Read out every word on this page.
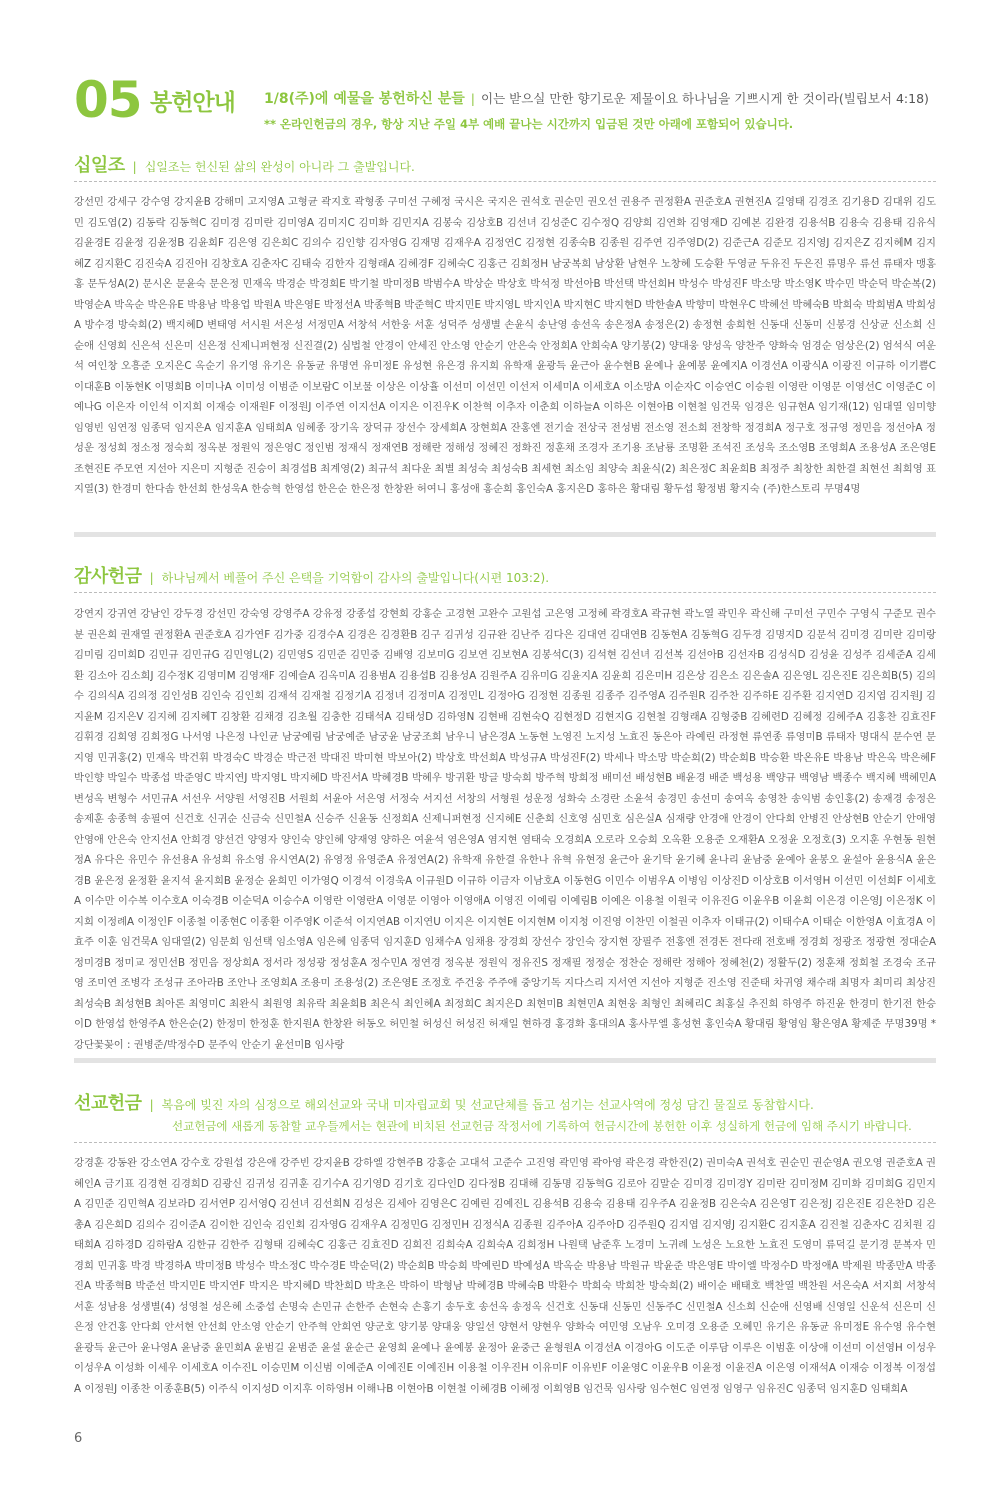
05 봉헌안내 1/8(주)에 예물을 봉헌하신 분들 | 이는 받으실 만한 향기로운 제물이요 하나님을 기쁘시게 한 것이라(빌립보서 4:18)
** 온라인헌금의 경우, 항상 지난 주일 4부 예배 끝나는 시간까지 입금된 것만 아래에 포함되어 있습니다.
십일조 | 십일조는 헌신된 삶의 완성이 아니라 그 출발입니다.
강선민 강세구 강수영 강지윤B 강해미 고지영A 고형균 곽지호 곽형종 구미선 구혜정 국시은 국지은 권석호 권순민 권오선 권용주 권정환A 권준호A 권현진A 길영태 김경조 김기용D 김대위 김도민 김도엽(2) 김동락 김동혁C 김미경 김미란 김미영A 김미지C 김미화 김민지A 김봉숙 김상호B 김선녀 김성준C 김수정Q 김양희 김연화 김영재D 김예본 김완경 김용석B 김용숙 김용태 김유식 김윤경E 김윤정 김윤정B 김윤희F 김은영 김은희C 김의수 김인향 김자영G 김재명 김재우A 김정연C 김정현 김종숙B 김종원 김주연 김주영D(2) 김준근A 김준모 김지영J 김지은Z 김지혜M 김지혜Z 김지환C 김진숙A 김진아I 김창호A 김춘자C 김태숙 김한자 김형래A 김혜경F 김혜숙C 김홍근 김희정H 남궁복희 남상환 남현우 노창혜 도승환 두영균 두유진 두은진 류명우 류선 류태자 맹홍홍 문두성A(2) 문시온 문윤숙 문은정 민재옥 박경순 박경희E 박기철 박미정B 박범수A 박상순 박상호 박석정 박선아B 박선택 박선희H 박성수 박성진F 박소망 박소영K 박수민 박순덕 박순복(2) 박영순A 박옥순 박은유E 박용남 박용업 박원A 박은영E 박정선A 박종혁B 박준혁C 박지민E 박지영L 박지인A 박지현C 박지현D 박한솔A 박향미 박현우C 박혜선 박혜숙B 박희숙 박희범A 박희성A 방수경 방숙희(2) 백지혜D 변태영 서시원 서은성 서정민A 서창석 서한웅 서훈 성덕주 성생별 손윤식 송난영 송선옥 송은정A 송정은(2) 송정현 송희헌 신동대 신동미 신봉경 신상균 신소희 신순애 신영희 신은석 신은미 신은정 신제니퍼현정 신진결(2) 심법철 안경이 안세진 안소영 안순기 안은숙 안정희A 안희숙A 양기봉(2) 양대웅 양성옥 양찬주 양화숙 엄경순 엄상은(2) 엄석식 여운석 여인창 오흥준 오지은C 옥순기 유기영 유기은 유동균 유명연 유미정E 유성현 유은경 유지희 유학재 윤광득 윤근아 윤수현B 윤예나 윤예봉 윤예지A 이경선A 이광식A 이광진 이규하 이기쁨C 이대훈B 이동현K 이명희B 이미나A 이미성 이범준 이보람C 이보물 이상은 이상휼 이선미 이선민 이선저 이세미A 이세호A 이소망A 이순자C 이승연C 이승원 이영란 이영문 이영선C 이영준C 이예나G 이은자 이인석 이지희 이재승 이재원F 이정원J 이주연 이지선A 이지은 이진우K 이찬혁 이추자 이춘희 이하늘A 이하은 이현아B 이현철 임건묵 임경은 임규현A 임기재(12) 임대열 임미향 임영빈 임연정 임종덕 임지은A 임지훈A 임태희A 임혜종 장기옥 장덕규 장선수 장세희A 장현희A 잔홍엔 전기술 전상국 전성범 전소영 전소희 전창학 정경희A 정구호 정규영 정민음 정선아A 정성운 정성희 정소정 정숙희 정옥분 정원익 정은영C 정인범 정재식 정재연B 정해란 정해성 정혜진 정화진 정훈채 조경자 조기용 조남룡 조명환 조석진 조성욱 조소영B 조영희A 조용성A 조은영E 조현진E 주모연 지선아 지은미 지형준 진승이 최경섭B 최계영(2) 최규석 최다운 최별 최성숙 최성숙B 최세현 최소임 최양숙 최윤식(2) 최은정C 최윤희B 최정주 최창한 최한결 최현선 최희영 표지열(3) 한경미 한다솜 한선희 한성욱A 한승혁 한영섭 한은순 한은정 한창완 허여니 홍성애 홍순희 홍인숙A 홍지은D 홍하은 황대림 황두섭 황정범 황지숙 (주)한스토리 무명4명
감사헌금 | 하나님께서 베풀어 주신 은택을 기억함이 감사의 출발입니다(시편 103:2).
강연지 강귀연 강남인 강두경 강선민 강숙영 강영주A 강유정 강종섭 강현희 강홍순 고경현 고완수 고원섭 고은영 고정혜 곽경호A 곽규현 곽노열 곽민우 곽신해 구미선 구민수 구영식 구준모 권수분 권은희 권재열 권정환A 권준호A 김가연F 김가중 김경수A 김경은 김경환B 김구 김귀성 김규완 김난주 김다은 김대연 김대연B 김동현A 김동혁G 김두경 김명지D 김문석 김미경 김미란 김미랑 김미림 김미희D 김민규 김민규G 김민영L(2) 김민영S 김민준 김민중 김배영 김보미G 김보연 김보현A 김봉석C(3) 김석현 김선녀 김선복 김선아B 김선자B 김성식D 김성윤 김성주 김세준A 김세환 김소아 김소희J 김수정K 김영미M 김영재F 김예슬A 김옥미A 김용범A 김용섭B 김용성A 김원주A 김유미G 김윤지A 김윤희 김은미H 김은상 김은소 김은솔A 김은영L 김은진E 김은희B(5) 김의수 김의식A 김의정 김인성B 김인숙 김인회 김재석 김재철 김정기A 김정녀 김정미A 김정민L 김정아G 김정현 김종원 김종주 김주영A 김주원R 김주찬 김주하E 김주환 김지연D 김지엽 김지원J 김지윤M 김지은V 김지혜 김지혜T 김창환 김채경 김초월 김충한 김태석A 김태성D 김하영N 김현배 김현숙Q 김현정D 김현지G 김현철 김형래A 김형중B 김혜련D 김혜정 김혜주A 김홍찬 김효진F 김휘경 김희영 김희정G 나서영 나은정 나인균 남궁예림 남궁예준 남궁윤 남궁조희 남우니 남은경A 노동현 노영진 노지성 노효진 동은아 라예린 라정현 류연종 류영미B 류태자 명대식 문수연 문지영 민귀홍(2) 민재옥 박건휘 박경숙C 박경순 박근전 박대진 박미현 박보아(2) 박상호 박선희A 박성규A 박성진F(2) 박세나 박소망 박순희(2) 박순희B 박승환 박온유E 박용남 박은옥 박은혜F 박인향 박일수 박종섭 박준영C 박지연J 박지영L 박지혜D 박진서A 박혜경B 박혜우 방귀환 방글 방숙희 방주혁 방희정 배미선 배성현B 배윤경 배준 백성용 백양규 백영남 백종수 백지혜 백혜민A 변성옥 변형수 서민규A 서선우 서양원 서영진B 서원희 서윤아 서은영 서정숙 서지선 서창의 서형원 성운정 성화숙 소경란 소윤석 송경민 송선미 송여옥 송영찬 송익범 송인홍(2) 송재경 송정은 송제훈 송종혁 송필여 신건호 신귀순 신금숙 신민철A 신승주 신윤동 신정희A 신제니퍼현정 신지혜E 신춘희 신호영 심민호 심은실A 심재량 안경애 안경이 안다희 안병진 안상현B 안순기 안애영 안영애 안은숙 안지선A 안희경 양선건 양영자 양인숙 양인혜 양재영 양하은 여윤석 염은영A 염지현 염태숙 오경희A 오로라 오승희 오옥환 오용준 오재환A 오정윤 오정호(3) 오지훈 우현동 원현정A 유다은 유민수 유선용A 유성희 유소영 유시연A(2) 유영정 유영준A 유정연A(2) 유학재 유한결 유한나 유혁 유현정 윤근아 윤기탁 윤기혜 윤나리 윤남중 윤예아 윤봉오 윤설아 윤용식A 윤은경B 윤은정 윤정환 윤지석 윤지희B 윤정순 윤희민 이가영Q 이경석 이경욱A 이규원D 이규하 이금자 이남호A 이동현G 이민수 이범우A 이병임 이상진D 이상호B 이서영H 이선민 이선희F 이세호A 이수만 이수복 이수호A 이숙경B 이순덕A 이승수A 이영란 이영란A 이영문 이영아 이영애A 이영진 이예림 이예림B 이예은 이용철 이원국 이유진G 이윤우B 이윤희 이은경 이은영J 이은정K 이지희 이정례A 이정인F 이종철 이종현C 이종환 이주영K 이준석 이지연AB 이지연U 이지은 이지현E 이지현M 이지청 이진영 이찬민 이철권 이추자 이태규(2) 이태수A 이태순 이한영A 이효경A 이효주 이훈 임건묵A 임대열(2) 임문희 임선택 임소영A 임은혜 임종덕 임지훈D 임채수A 임채용 장경희 장선수 장인숙 장지현 장필주 전홍엔 전경돈 전다래 전호배 정경희 정광조 정광현 정대순A 정미경B 정미교 정민선B 정민음 정상희A 정서라 정성광 정성훈A 정수민A 정연경 정옥분 정원익 정유진S 정재필 정정순 정찬순 정해란 정해아 정혜천(2) 정활두(2) 정훈채 정희철 조경숙 조규영 조미연 조병각 조성규 조아라B 조안나 조영희A 조용미 조용성(2) 조은영E 조정호 주건웅 주주애 중앙기독 지다스리 지서연 지선아 지형준 진소영 진준태 차귀영 채수래 최명자 최미리 최상진 최성숙B 최성현B 최아론 최영미C 최완식 최원영 최유락 최윤희B 최은식 최인혜A 최정희C 최지은D 최현미B 최현민A 최현웅 최형인 최혜리C 최홍실 추진희 하영주 하진윤 한경미 한기전 한승이D 한영섭 한영주A 한은순(2) 한정미 한정훈 한지원A 한창완 허동오 허민철 허성신 허성진 허재일 현하경 홍경화 홍대의A 홍사무엘 홍성현 홍인숙A 황대림 황영임 황은영A 황제준 무명39명 *강단꽃꽂이 : 권병준/박정수D 문주익 안순기 윤선미B 임사랑
선교헌금 | 복음에 빚진 자의 심정으로 해외선교와 국내 미자립교회 및 선교단체를 돕고 섬기는 선교사역에 정성 담긴 물질로 동참합시다.
선교헌금에 새롭게 동참할 교우들께서는 현관에 비치된 선교헌금 작정서에 기록하여 헌금시간에 봉헌한 이후 성실하게 헌금에 임해 주시기 바랍니다.
강경훈 강동완 강소연A 강수호 강원섭 강은애 강주빈 강지윤B 강하엘 강현주B 강홍순 고대석 고준수 고진영 곽민영 곽아영 곽은경 곽한진(2) 권미숙A 권석호 권순민 권순영A 권오영 권준호A 권혜인A 금기표 김경현 김경희D 김광신 김귀성 김귀훈 김기수A 김기영D 김기호 김다인D 김다정B 김대해 김동명 김동혁G 김로아 김말순 김미경 김미경Y 김미란 김미정M 김미화 김미희G 김민지A 김민준 김민혁A 김보라D 김서연P 김서영Q 김선녀 김선희N 김성은 김세아 김영은C 김예린 김예진L 김용석B 김용숙 김용태 김우주A 김윤정B 김은숙A 김은영T 김은정J 김은진E 김은찬D 김은총A 김은희D 김의수 김이준A 김이한 김인숙 김인회 김자영G 김재우A 김정민G 김정민H 김정식A 김종원 김주아A 김주아D 김주원Q 김지엽 김지영J 김지환C 김지훈A 김진철 김춘자C 김치원 김태희A 김하경D 김하람A 김한규 김한주 김형태 김혜숙C 김홍근 김효진D 김희진 김희숙A 김희숙A 김희정H 나원택 남준후 노경미 노귀례 노성은 노요한 노효진 도영미 류덕길 문기경 문복자 민경희 민귀홍 박경 박경하A 박미정B 박성수 박소정C 박수경E 박순덕(2) 박순희B 박승희 박예린D 박예성A 박옥순 박용남 박원규 박윤준 박은영E 박이엘 박정수D 박정애A 박제원 박종만A 박종진A 박종혁B 박준선 박지민E 박지연F 박지은 박지혜D 박찬희D 박초은 박하이 박형남 박혜경B 박혜숙B 박환수 박희숙 박희찬 방숙희(2) 배이순 배태호 백찬열 백찬원 서은숙A 서지희 서창석 서훈 성남용 성생별(4) 성영철 성은혜 소중섭 손명숙 손민규 손한주 손현숙 손홍기 송두호 송선옥 송정옥 신건호 신동대 신동민 신동주C 신민철A 신소희 신순애 신영배 신영일 신운석 신은미 신은정 안건홍 안다희 안서현 안선희 안소영 안순기 안주혁 안희연 양군호 양기봉 양대웅 양일선 양현서 양현우 양화숙 여민영 오남우 오미경 오용준 오혜민 유기은 유동균 유미정E 유수영 유수현 윤광득 윤근아 윤나영A 윤남중 윤민희A 윤범길 윤범준 윤설 윤순근 윤영희 윤예나 윤예봉 윤정아 윤중근 윤형원A 이경선A 이경아G 이도준 이루담 이루은 이범훈 이상애 이선미 이선영H 이성우 이성우A 이성화 이세우 이세호A 이수진L 이승민M 이신범 이예준A 이예진E 이예진H 이용철 이우진H 이유미F 이유빈F 이윤영C 이윤우B 이윤정 이윤진A 이은영 이재석A 이재승 이정복 이정섭A 이정원J 이종찬 이종훈B(5) 이주식 이지성D 이지후 이하영H 이해나B 이현아B 이현철 이혜경B 이혜정 이회영B 임건묵 임사랑 임수현C 임연정 임영구 임유진C 임종덕 임지훈D 임태희A
6
